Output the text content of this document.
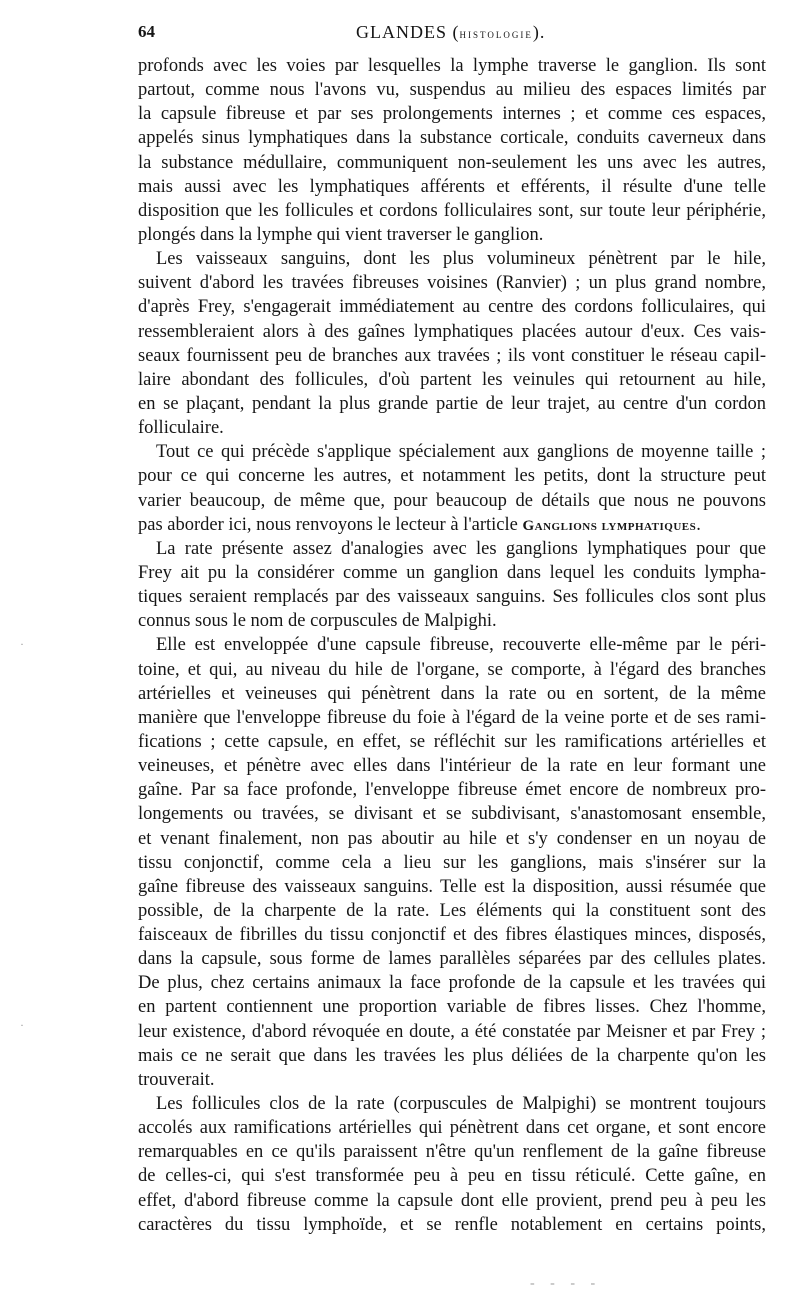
64	GLANDES (histologie).

profonds avec les voies par lesquelles la lymphe traverse le ganglion. Ils sont
partout, comme nous l'avons vu, suspendus au milieu des espaces limités par
la capsule fibreuse et par ses prolongements internes ; et comme ces espaces,
appelés sinus lymphatiques dans la substance corticale, conduits caverneux dans
la substance médullaire, communiquent non-seulement les uns avec les autres,
mais aussi avec les lymphatiques afférents et efférents, il résulte d'une telle
disposition que les follicules et cordons folliculaires sont, sur toute leur périphérie,
plongés dans la lymphe qui vient traverser le ganglion.

Les vaisseaux sanguins, dont les plus volumineux pénètrent par le hile,
suivent d'abord les travées fibreuses voisines (Ranvier) ; un plus grand nombre,
d'après Frey, s'engagerait immédiatement au centre des cordons folliculaires, qui
ressembleraient alors à des gaînes lymphatiques placées autour d'eux. Ces vais-
seaux fournissent peu de branches aux travées ; ils vont constituer le réseau capil-
laire abondant des follicules, d'où partent les veinules qui retournent au hile,
en se plaçant, pendant la plus grande partie de leur trajet, au centre d'un cordon
folliculaire.

Tout ce qui précède s'applique spécialement aux ganglions de moyenne taille ;
pour ce qui concerne les autres, et notamment les petits, dont la structure peut
varier beaucoup, de même que, pour beaucoup de détails que nous ne pouvons
pas aborder ici, nous renvoyons le lecteur à l'article Ganglions lymphatiques.

La rate présente assez d'analogies avec les ganglions lymphatiques pour que
Frey ait pu la considérer comme un ganglion dans lequel les conduits lympha-
tiques seraient remplacés par des vaisseaux sanguins. Ses follicules clos sont plus
connus sous le nom de corpuscules de Malpighi.

Elle est enveloppée d'une capsule fibreuse, recouverte elle-même par le péri-
toine, et qui, au niveau du hile de l'organe, se comporte, à l'égard des branches
artérielles et veineuses qui pénètrent dans la rate ou en sortent, de la même
manière que l'enveloppe fibreuse du foie à l'égard de la veine porte et de ses rami-
fications ; cette capsule, en effet, se réfléchit sur les ramifications artérielles et
veineuses, et pénètre avec elles dans l'intérieur de la rate en leur formant une
gaîne. Par sa face profonde, l'enveloppe fibreuse émet encore de nombreux pro-
longements ou travées, se divisant et se subdivisant, s'anastomosant ensemble,
et venant finalement, non pas aboutir au hile et s'y condenser en un noyau de
tissu conjonctif, comme cela a lieu sur les ganglions, mais s'insérer sur la
gaîne fibreuse des vaisseaux sanguins. Telle est la disposition, aussi résumée que
possible, de la charpente de la rate. Les éléments qui la constituent sont des
faisceaux de fibrilles du tissu conjonctif et des fibres élastiques minces, disposés,
dans la capsule, sous forme de lames parallèles séparées par des cellules plates.
De plus, chez certains animaux la face profonde de la capsule et les travées qui
en partent contiennent une proportion variable de fibres lisses. Chez l'homme,
leur existence, d'abord révoquée en doute, a été constatée par Meisner et par Frey ;
mais ce ne serait que dans les travées les plus déliées de la charpente qu'on les
trouverait.

Les follicules clos de la rate (corpuscules de Malpighi) se montrent toujours
accolés aux ramifications artérielles qui pénètrent dans cet organe, et sont encore
remarquables en ce qu'ils paraissent n'être qu'un renflement de la gaîne fibreuse
de celles-ci, qui s'est transformée peu à peu en tissu réticulé. Cette gaîne, en
effet, d'abord fibreuse comme la capsule dont elle provient, prend peu à peu les
caractères du tissu lymphoïde, et se renfle notablement en certains points,

·
·
- - - -
